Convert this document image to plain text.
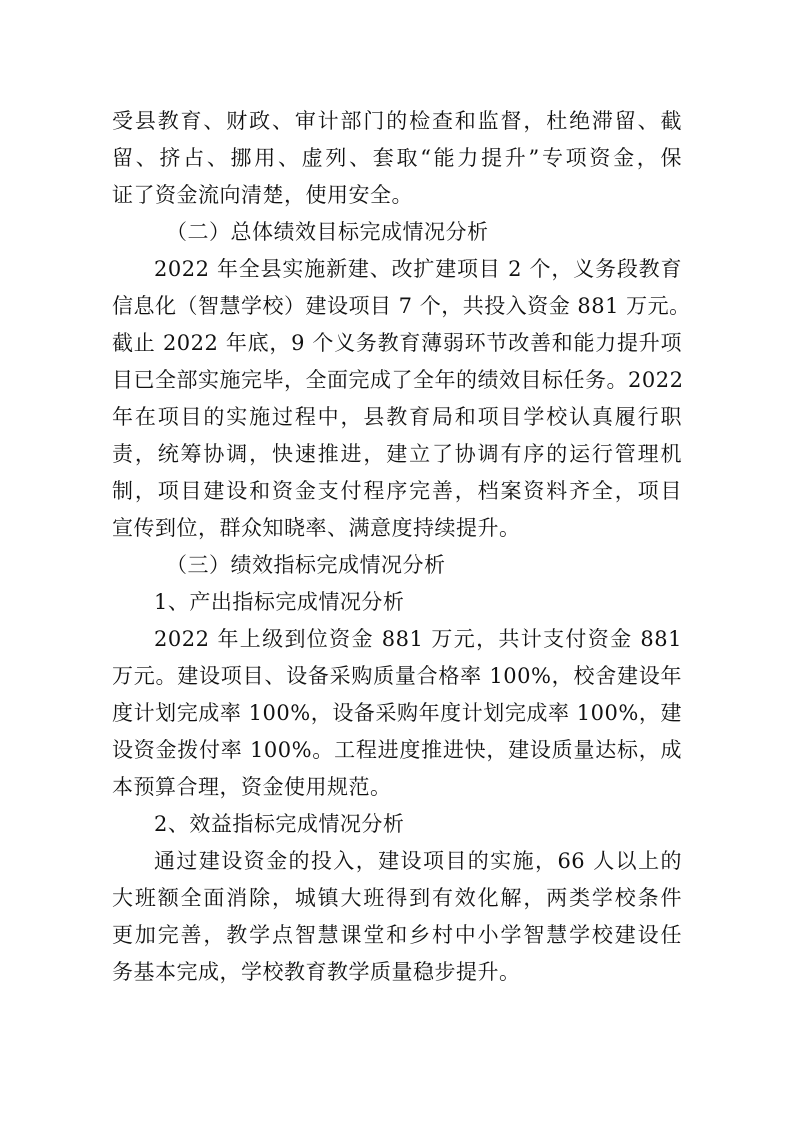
受县教育、财政、审计部门的检查和监督，杜绝滞留、截
留、挤占、挪用、虚列、套取“能力提升”专项资金，保
证了资金流向清楚，使用安全。
（二）总体绩效目标完成情况分析
2022 年全县实施新建、改扩建项目 2 个，义务段教育
信息化（智慧学校）建设项目 7 个，共投入资金 881 万元。
截止 2022 年底，9 个义务教育薄弱环节改善和能力提升项
目已全部实施完毕，全面完成了全年的绩效目标任务。2022
年在项目的实施过程中，县教育局和项目学校认真履行职
责，统筹协调，快速推进，建立了协调有序的运行管理机
制，项目建设和资金支付程序完善，档案资料齐全，项目
宣传到位，群众知晓率、满意度持续提升。
（三）绩效指标完成情况分析
1、产出指标完成情况分析
2022 年上级到位资金 881 万元，共计支付资金 881
万元。建设项目、设备采购质量合格率 100%，校舍建设年
度计划完成率 100%，设备采购年度计划完成率 100%，建
设资金拨付率 100%。工程进度推进快，建设质量达标，成
本预算合理，资金使用规范。
2、效益指标完成情况分析
通过建设资金的投入，建设项目的实施，66 人以上的
大班额全面消除，城镇大班得到有效化解，两类学校条件
更加完善，教学点智慧课堂和乡村中小学智慧学校建设任
务基本完成，学校教育教学质量稳步提升。
